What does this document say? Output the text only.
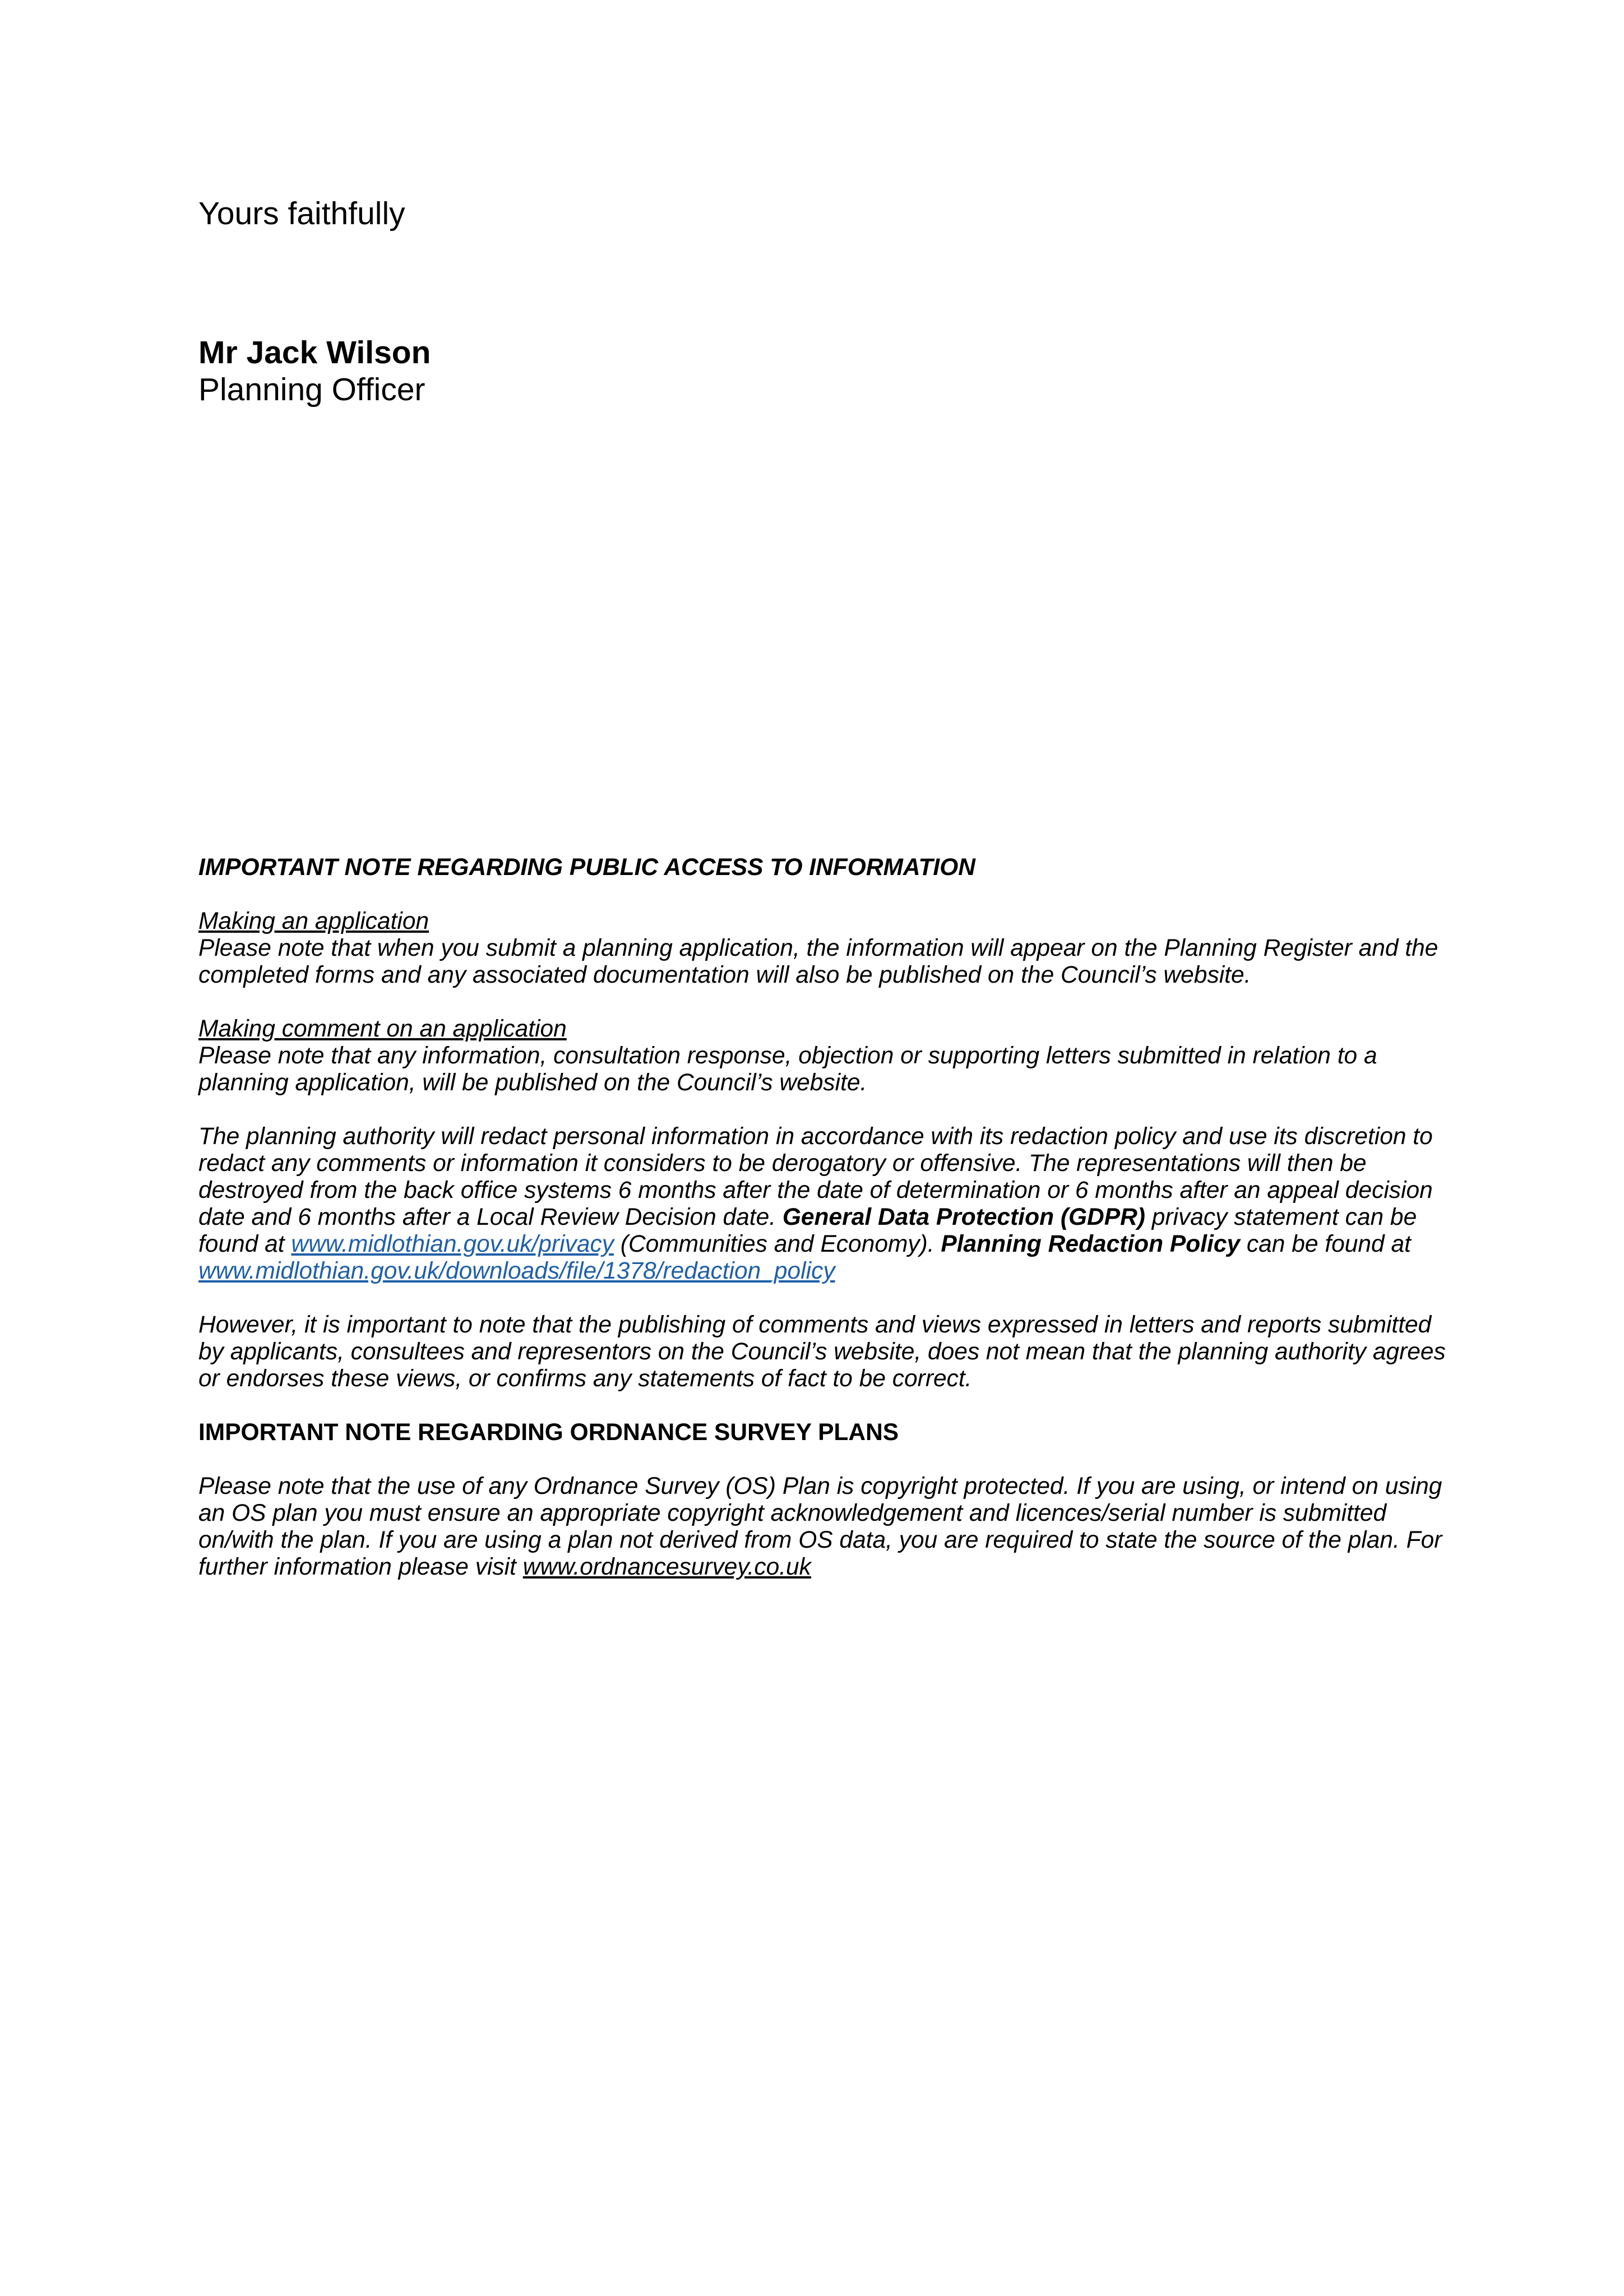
Yours faithfully

Mr Jack Wilson

Planning Officer

IMPORTANT NOTE REGARDING PUBLIC ACCESS TO INFORMATION

Making an application

Please note that when you submit a planning application, the information will appear on the Planning Register and the completed forms and any associated documentation will also be published on the Council’s website.

Making comment on an application

Please note that any information, consultation response, objection or supporting letters submitted in relation to a planning application, will be published on the Council’s website.

The planning authority will redact personal information in accordance with its redaction policy and use its discretion to redact any comments or information it considers to be derogatory or offensive. The representations will then be destroyed from the back office systems 6 months after the date of determination or 6 months after an appeal decision date and 6 months after a Local Review Decision date. General Data Protection (GDPR) privacy statement can be found at www.midlothian.gov.uk/privacy (Communities and Economy). Planning Redaction Policy can be found at
www.midlothian.gov.uk/downloads/file/1378/redaction_policy

However, it is important to note that the publishing of comments and views expressed in letters and reports submitted by applicants, consultees and representors on the Council’s website, does not mean that the planning authority agrees or endorses these views, or confirms any statements of fact to be correct.

IMPORTANT NOTE REGARDING ORDNANCE SURVEY PLANS

Please note that the use of any Ordnance Survey (OS) Plan is copyright protected. If you are using, or intend on using an OS plan you must ensure an appropriate copyright acknowledgement and licences/serial number is submitted on/with the plan. If you are using a plan not derived from OS data, you are required to state the source of the plan. For further information please visit www.ordnancesurvey.co.uk
